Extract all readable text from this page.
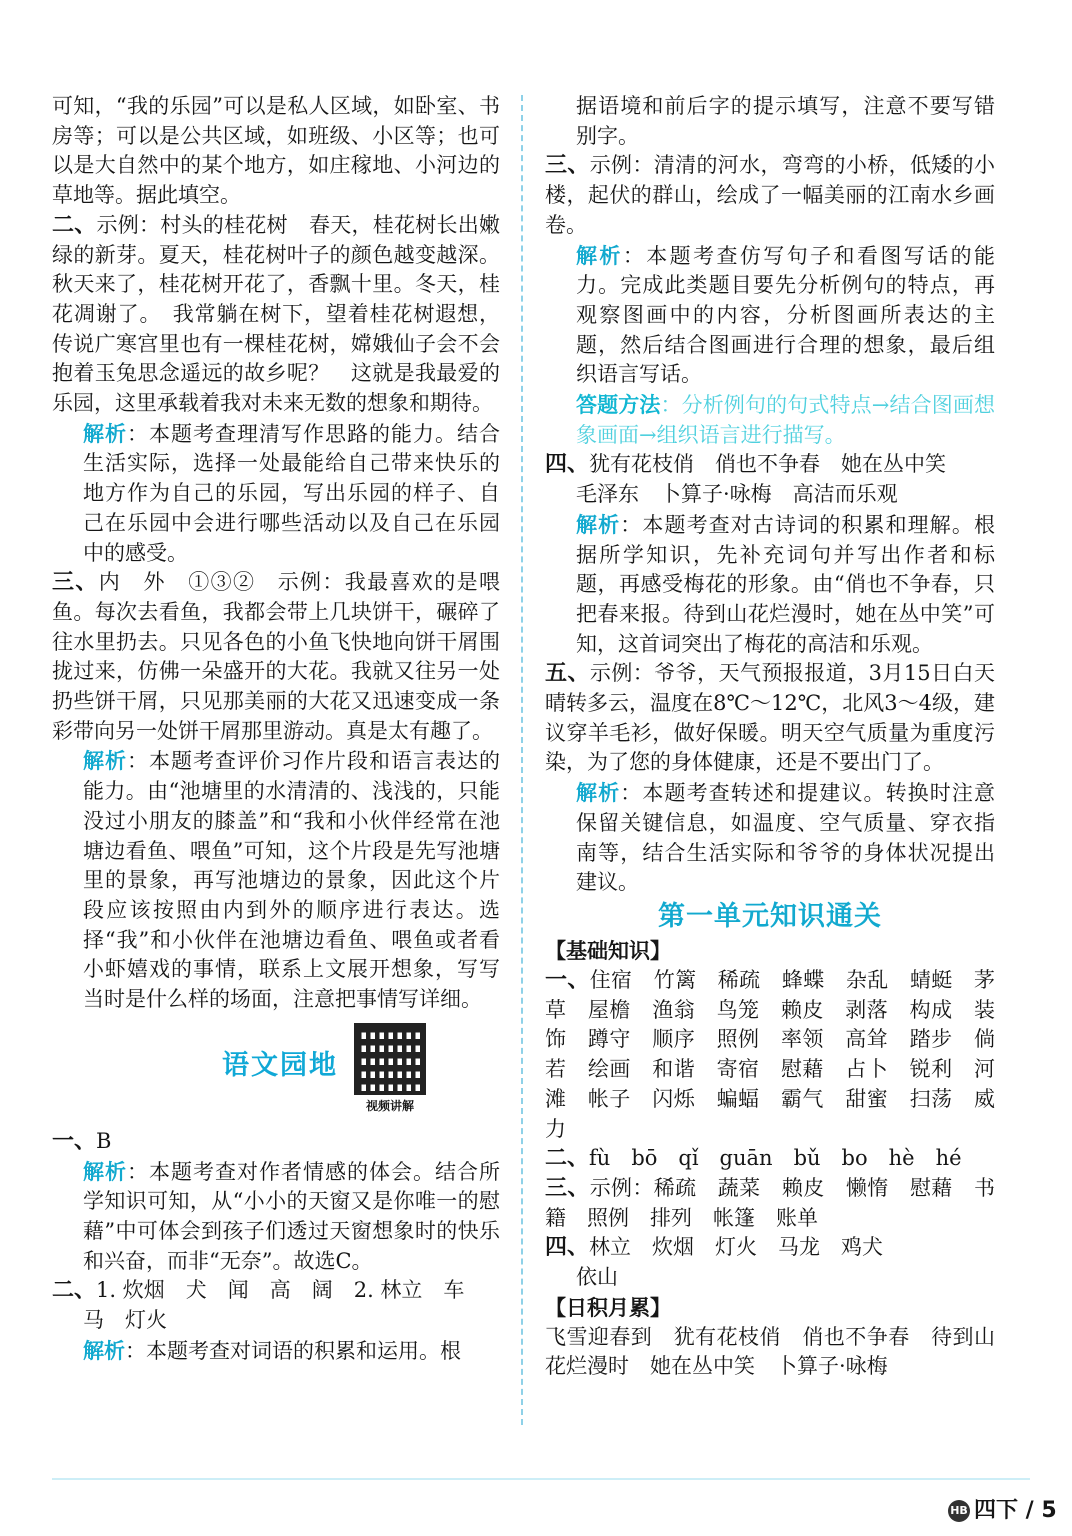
可知，“我的乐园”可以是私人区域，如卧室、书房等；可以是公共区域，如班级、小区等；也可以是大自然中的某个地方，如庄稼地、小河边的草地等。据此填空。
二、示例：村头的桂花树　春天，桂花树长出嫩绿的新芽。夏天，桂花树叶子的颜色越变越深。秋天来了，桂花树开花了，香飘十里。冬天，桂花凋谢了。　我常躺在树下，望着桂花树遐想，传说广寒宫里也有一棵桂花树，嫦娥仙子会不会抱着玉兔思念遥远的故乡呢？　这就是我最爱的乐园，这里承载着我对未来无数的想象和期待。
解析：本题考查理清写作思路的能力。结合生活实际，选择一处最能给自己带来快乐的地方作为自己的乐园，写出乐园的样子、自己在乐园中会进行哪些活动以及自己在乐园中的感受。
三、内　外　①③②　示例：我最喜欢的是喂鱼。每次去看鱼，我都会带上几块饼干，碾碎了往水里扔去。只见各色的小鱼飞快地向饼干屑围拢过来，仿佛一朵盛开的大花。我就又往另一处扔些饼干屑，只见那美丽的大花又迅速变成一条彩带向另一处饼干屑那里游动。真是太有趣了。
解析：本题考查评价习作片段和语言表达的能力。由“池塘里的水清清的、浅浅的，只能没过小朋友的膝盖”和“我和小伙伴经常在池塘边看鱼、喂鱼”可知，这个片段是先写池塘里的景象，再写池塘边的景象，因此这个片段应该按照由内到外的顺序进行表达。选择“我”和小伙伴在池塘边看鱼、喂鱼或者看小虾嬉戏的事情，联系上文展开想象，写写当时是什么样的场面，注意把事情写详细。
语文园地
视频讲解
一、B
解析：本题考查对作者情感的体会。结合所学知识可知，从“小小的天窗又是你唯一的慰藉”中可体会到孩子们透过天窗想象时的快乐和兴奋，而非“无奈”。故选C。
二、1. 炊烟　犬　闻　高　阔　2. 林立　车
马　灯火
解析：本题考查对词语的积累和运用。根
据语境和前后字的提示填写，注意不要写错别字。
三、示例：清清的河水，弯弯的小桥，低矮的小楼，起伏的群山，绘成了一幅美丽的江南水乡画卷。
解析：本题考查仿写句子和看图写话的能力。完成此类题目要先分析例句的特点，再观察图画中的内容，分析图画所表达的主题，然后结合图画进行合理的想象，最后组织语言写话。
答题方法：分析例句的句式特点→结合图画想象画面→组织语言进行描写。
四、犹有花枝俏　俏也不争春　她在丛中笑
毛泽东　卜算子·咏梅　高洁而乐观
解析：本题考查对古诗词的积累和理解。根据所学知识，先补充词句并写出作者和标题，再感受梅花的形象。由“俏也不争春，只把春来报。待到山花烂漫时，她在丛中笑”可知，这首词突出了梅花的高洁和乐观。
五、示例：爷爷，天气预报报道，3月15日白天晴转多云，温度在8℃～12℃，北风3～4级，建议穿羊毛衫，做好保暖。明天空气质量为重度污染，为了您的身体健康，还是不要出门了。
解析：本题考查转述和提建议。转换时注意保留关键信息，如温度、空气质量、穿衣指南等，结合生活实际和爷爷的身体状况提出建议。
第一单元知识通关
【基础知识】
一、住宿　竹篱　稀疏　蜂蝶　杂乱　蜻蜓　茅草　屋檐　渔翁　鸟笼　赖皮　剥落　构成　装饰　蹲守　顺序　照例　率领　高耸　踏步　倘若　绘画　和谐　寄宿　慰藉　占卜　锐利　河滩　帐子　闪烁　蝙蝠　霸气　甜蜜　扫荡　威力
二、fù　bō　qǐ　guān　bǔ　bo　hè　hé
三、示例：稀疏　蔬菜　赖皮　懒惰　慰藉　书籍　照例　排列　帐篷　账单
四、林立　炊烟　灯火　马龙　鸡犬
依山
【日积月累】
飞雪迎春到　犹有花枝俏　俏也不争春　待到山花烂漫时　她在丛中笑　卜算子·咏梅
HB 四下 / 5
